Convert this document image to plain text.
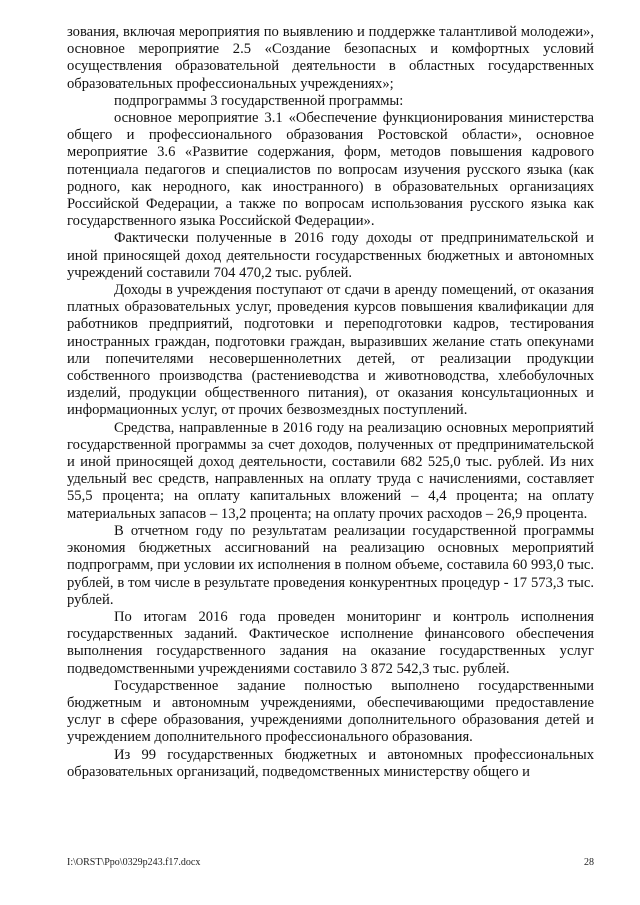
зования, включая мероприятия по выявлению и поддержке талантливой молодежи», основное мероприятие 2.5 «Создание безопасных и комфортных условий осуществления образовательной деятельности в областных государственных образовательных профессиональных учреждениях»;

подпрограммы 3 государственной программы:

основное мероприятие 3.1 «Обеспечение функционирования министерства общего и профессионального образования Ростовской области», основное мероприятие 3.6 «Развитие содержания, форм, методов повышения кадрового потенциала педагогов и специалистов по вопросам изучения русского языка (как родного, как неродного, как иностранного) в образовательных организациях Российской Федерации, а также по вопросам использования русского языка как государственного языка Российской Федерации».

Фактически полученные в 2016 году доходы от предпринимательской и иной приносящей доход деятельности государственных бюджетных и автономных учреждений составили 704 470,2 тыс. рублей.

Доходы в учреждения поступают от сдачи в аренду помещений, от оказания платных образовательных услуг, проведения курсов повышения квалификации для работников предприятий, подготовки и переподготовки кадров, тестирования иностранных граждан, подготовки граждан, выразивших желание стать опекунами или попечителями несовершеннолетних детей, от реализации продукции собственного производства (растениеводства и животноводства, хлебобулочных изделий, продукции общественного питания), от оказания консультационных и информационных услуг, от прочих безвозмездных поступлений.

Средства, направленные в 2016 году на реализацию основных мероприятий государственной программы за счет доходов, полученных от предпринимательской и иной приносящей доход деятельности, составили 682 525,0 тыс. рублей. Из них удельный вес средств, направленных на оплату труда с начислениями, составляет 55,5 процента; на оплату капитальных вложений – 4,4 процента; на оплату материальных запасов – 13,2 процента; на оплату прочих расходов – 26,9 процента.

В отчетном году по результатам реализации государственной программы экономия бюджетных ассигнований на реализацию основных мероприятий подпрограмм, при условии их исполнения в полном объеме, составила 60 993,0 тыс. рублей, в том числе в результате проведения конкурентных процедур - 17 573,3 тыс. рублей.

По итогам 2016 года проведен мониторинг и контроль исполнения государственных заданий. Фактическое исполнение финансового обеспечения выполнения государственного задания на оказание государственных услуг подведомственными учреждениями составило 3 872 542,3 тыс. рублей.

Государственное задание полностью выполнено государственными бюджетным и автономным учреждениями, обеспечивающими предоставление услуг в сфере образования, учреждениями дополнительного образования детей и учреждением дополнительного профессионального образования.

Из 99 государственных бюджетных и автономных профессиональных образовательных организаций, подведомственных министерству общего и

I:\ORST\Ppo\0329p243.f17.docx	28
